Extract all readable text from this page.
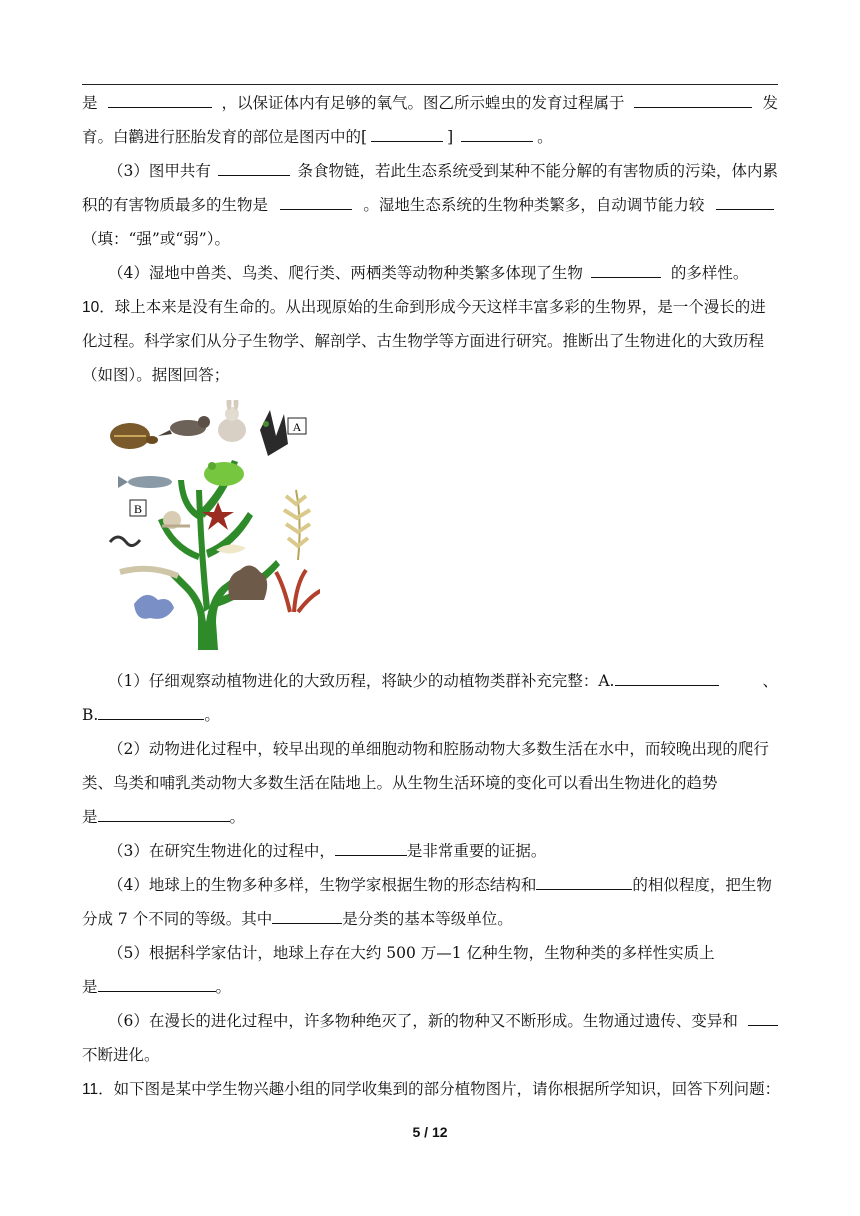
是	，以保证体内有足够的氧气。图乙所示蝗虫的发育过程属于	发
育。白鹳进行胚胎发育的部位是图丙中的[	]	。
（3）图甲共有	条食物链，若此生态系统受到某种不能分解的有害物质的污染，体内累
积的有害物质最多的生物是	。湿地生态系统的生物种类繁多，自动调节能力较
（填：“强”或“弱”）。
（4）湿地中兽类、鸟类、爬行类、两栖类等动物种类繁多体现了生物	的多样性。
10． 球上本来是没有生命的。从出现原始的生命到形成今天这样丰富多彩的生物界，是一个漫长的进
化过程。科学家们从分子生物学、解剖学、古生物学等方面进行研究。推断出了生物进化的大致历程
（如图）。据图回答；
A
B
（1）仔细观察动植物进化的大致历程，将缺少的动植物类群补充完整：A.	、
B.	。
（2）动物进化过程中，较早出现的单细胞动物和腔肠动物大多数生活在水中，而较晚出现的爬行
类、鸟类和哺乳类动物大多数生活在陆地上。从生物生活环境的变化可以看出生物进化的趋势
是	。
（3）在研究生物进化的过程中，	是非常重要的证据。
（4）地球上的生物多种多样，生物学家根据生物的形态结构和	的相似程度，把生物
分成 7 个不同的等级。其中	是分类的基本等级单位。
（5）根据科学家估计，地球上存在大约 500 万—1 亿种生物，生物种类的多样性实质上
是	。
（6）在漫长的进化过程中，许多物种绝灭了，新的物种又不断形成。生物通过遗传、变异和
不断进化。
11． 如下图是某中学生物兴趣小组的同学收集到的部分植物图片，请你根据所学知识，回答下列问题：
5 / 12
